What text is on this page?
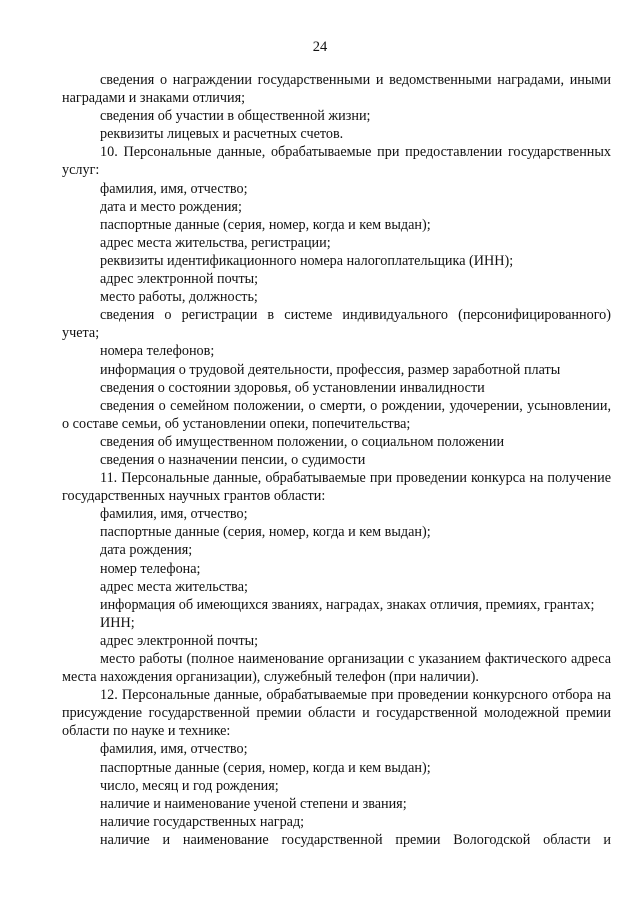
24

сведения о награждении государственными и ведомственными наградами, иными наградами и знаками отличия;

сведения об участии в общественной жизни;

реквизиты лицевых и расчетных счетов.

10. Персональные данные, обрабатываемые при предоставлении государственных услуг:

фамилия, имя, отчество;

дата и место рождения;

паспортные данные (серия, номер, когда и кем выдан);

адрес места жительства, регистрации;

реквизиты идентификационного номера налогоплательщика (ИНН);

адрес электронной почты;

место работы, должность;

сведения о регистрации в системе индивидуального (персонифицированного) учета;

номера телефонов;

информация о трудовой деятельности, профессия, размер заработной платы

сведения о состоянии здоровья, об установлении инвалидности

сведения о семейном положении, о смерти, о рождении, удочерении, усыновлении, о составе семьи, об установлении опеки, попечительства;

сведения об имущественном положении, о социальном положении

сведения о назначении пенсии, о судимости

11. Персональные данные, обрабатываемые при проведении конкурса на получение государственных научных грантов области:

фамилия, имя, отчество;

паспортные данные (серия, номер, когда и кем выдан);

дата рождения;

номер телефона;

адрес места жительства;

информация об имеющихся званиях, наградах, знаках отличия, премиях, грантах;

ИНН;

адрес электронной почты;

место работы (полное наименование организации с указанием фактического адреса места нахождения организации), служебный телефон (при наличии).

12. Персональные данные, обрабатываемые при проведении конкурсного отбора на присуждение государственной премии области и государственной молодежной премии области по науке и технике:

фамилия, имя, отчество;

паспортные данные (серия, номер, когда и кем выдан);

число, месяц и год рождения;

наличие и наименование ученой степени и звания;

наличие государственных наград;

наличие и наименование государственной премии Вологодской области и
